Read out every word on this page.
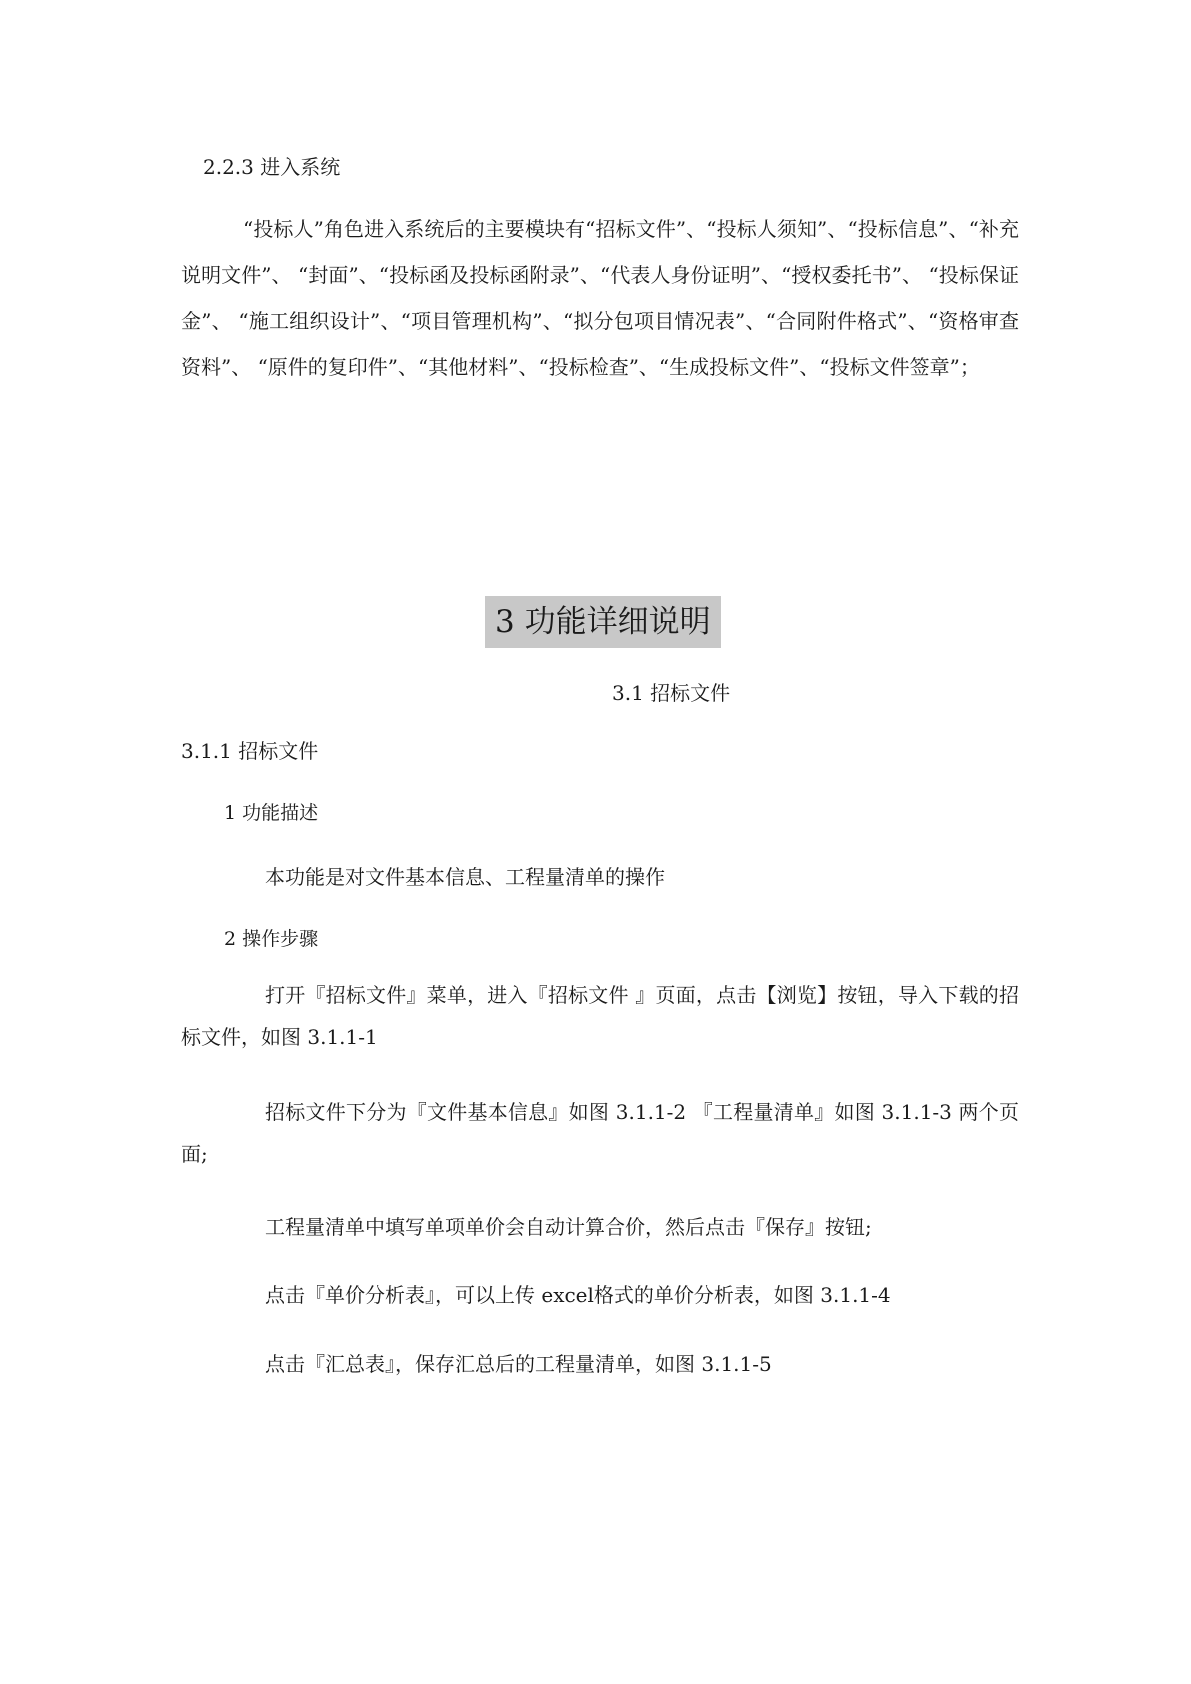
2.2.3 进入系统
“投标人”角色进入系统后的主要模块有“招标文件”、“投标人须知”、“投标信息”、“补充说明文件”、 “封面”、“投标函及投标函附录”、“代表人身份证明”、“授权委托书”、 “投标保证金”、 “施工组织设计”、“项目管理机构”、“拟分包项目情况表”、“合同附件格式”、“资格审查资料”、 “原件的复印件”、“其他材料”、“投标检查”、“生成投标文件”、“投标文件签章”；
3 功能详细说明
3.1 招标文件
3.1.1 招标文件
1 功能描述
本功能是对文件基本信息、工程量清单的操作
2 操作步骤
打开『招标文件』菜单，进入『招标文件 』页面，点击【浏览】按钮，导入下载的招标文件，如图 3.1.1-1
招标文件下分为『文件基本信息』如图 3.1.1-2 『工程量清单』如图 3.1.1-3 两个页面;
工程量清单中填写单项单价会自动计算合价，然后点击『保存』按钮;
点击『单价分析表』，可以上传 excel格式的单价分析表，如图 3.1.1-4
点击『汇总表』，保存汇总后的工程量清单，如图 3.1.1-5
